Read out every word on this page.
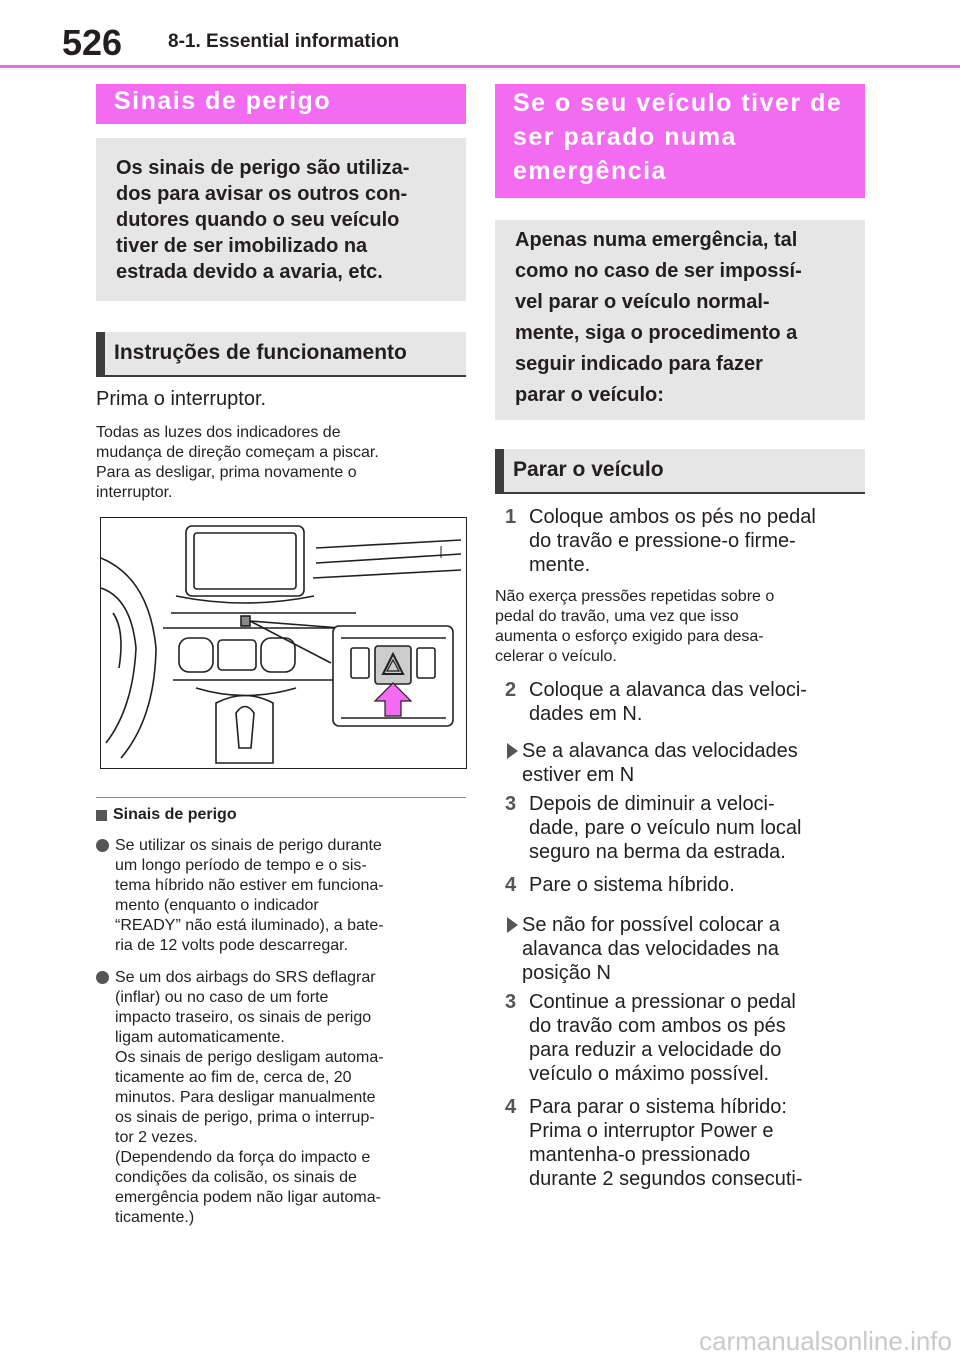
526 8-1. Essential information
Sinais de perigo
Os sinais de perigo são utiliza-
dos para avisar os outros con-
dutores quando o seu veículo
tiver de ser imobilizado na
estrada devido a avaria, etc.
Instruções de funcionamento
Prima o interruptor.
Todas as luzes dos indicadores de
mudança de direção começam a piscar.
Para as desligar, prima novamente o
interruptor.
Sinais de perigo
Se utilizar os sinais de perigo durante
um longo período de tempo e o sis-
tema híbrido não estiver em funciona-
mento (enquanto o indicador
“READY” não está iluminado), a bate-
ria de 12 volts pode descarregar.
Se um dos airbags do SRS deflagrar
(inflar) ou no caso de um forte
impacto traseiro, os sinais de perigo
ligam automaticamente.
Os sinais de perigo desligam automa-
ticamente ao fim de, cerca de, 20
minutos. Para desligar manualmente
os sinais de perigo, prima o interrup-
tor 2 vezes.
(Dependendo da força do impacto e
condições da colisão, os sinais de
emergência podem não ligar automa-
ticamente.)
Se o seu veículo tiver de
ser parado numa
emergência
Apenas numa emergência, tal
como no caso de ser impossí-
vel parar o veículo normal-
mente, siga o procedimento a
seguir indicado para fazer
parar o veículo:
Parar o veículo
1 Coloque ambos os pés no pedal
do travão e pressione-o firme-
mente.
Não exerça pressões repetidas sobre o
pedal do travão, uma vez que isso
aumenta o esforço exigido para desa-
celerar o veículo.
2 Coloque a alavanca das veloci-
dades em N.
Se a alavanca das velocidades
estiver em N
3 Depois de diminuir a veloci-
dade, pare o veículo num local
seguro na berma da estrada.
4 Pare o sistema híbrido.
Se não for possível colocar a
alavanca das velocidades na
posição N
3 Continue a pressionar o pedal
do travão com ambos os pés
para reduzir a velocidade do
veículo o máximo possível.
4 Para parar o sistema híbrido:
Prima o interruptor Power e
mantenha-o pressionado
durante 2 segundos consecuti-
carmanualsonline.info
